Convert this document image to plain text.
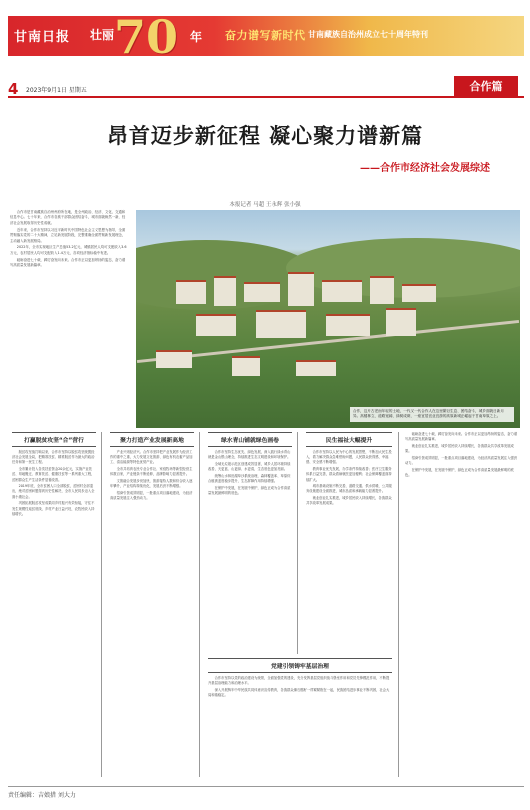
甘南日报 壮丽 70 年 奋力谱写新时代 甘南藏族自治州成立七十周年特刊
4 2023年9月1日 星期五	合作篇
昂首迈步新征程 凝心聚力谱新篇
——合作市经济社会发展综述
本报记者 马超 王永辉 张小强

合作市是甘南藏族自治州州府所在地，是全州政治、经济、文化、交通和信息中心。七十年来，合作市各族干部群众团结奋斗，城市面貌焕然一新，经济社会发展取得历史性成就。

近年来，合作市坚持以习近平新时代中国特色社会主义思想为指导，全面贯彻落实党的二十大精神，立足新发展阶段，完整准确全面贯彻新发展理念，主动融入新发展格局。

2022年，全市实现地区生产总值53.2亿元，城镇居民人均可支配收入3.6万元，农村居民人均可支配收入1.4万元，各项经济指标稳中有进。

砥砺奋进七十载，踔厉奋发向未来。合作市正以更加昂扬的姿态，奋力谱写高质量发展新篇章。

合作，这片古老而年轻的土地，一代又一代合作人在这里繁衍生息、团结奋斗，城乡面貌日新月异。高楼林立、道路宽阔、绿树成荫，一座宜居宜业宜游的高原新城正崛起于甘南草原之上。
打赢脱贫攻坚“合”营行

脱贫攻坚战打响以来，合作市坚持以脱贫攻坚统揽经济社会发展全局，把精准扶贫、精准脱贫作为最大的政治任务和第一民生工程。

全市累计投入各类扶贫资金20余亿元，实施产业扶贫、易地搬迁、教育扶贫、健康扶贫等一系列重大工程，贫困群众生产生活条件显著改善。

2019年底，全市贫困人口全部脱贫，贫困村全部退出，绝对贫困问题得到历史性解决，全市人民同步迈入全面小康社会。

巩固拓展脱贫攻坚成果同乡村振兴有效衔接，守住不发生规模性返贫底线，乡村产业日益兴旺，农牧民收入持续增长。

聚力打造产业发展新高地

产业兴则经济兴。合作市坚持把产业发展作为经济工作的重中之重，大力发展文化旅游、绿色有机农畜产品加工、清洁能源等特色优势产业。

全市共培育农民专业合作社、家庭牧场等新型经营主体数百家，产业链条不断延伸，品牌影响力显著提升。

文旅融合发展步伐加快，旅游接待人数和综合收入逐年攀升，产业结构持续优化，发展后劲不断增强。

招商引资成效明显，一批重点项目落地建设，为经济高质量发展注入强劲动力。

绿水青山铺就绿色画卷

合作市坚持生态优先、绿色发展，深入践行绿水青山就是金山银山理念，持续推进生态文明建设和环境保护。

全域无垃圾示范区创建成效显著，城乡人居环境持续改善，天更蓝、山更绿、水更清，生态底色更加亮丽。

统筹山水林田湖草沙系统治理，森林覆盖率、草原综合植被盖度稳步提升，生态屏障作用持续增强。

在保护中发展，在发展中保护，绿色正成为合作高质量发展最鲜明的底色。

民生福祉大幅提升

合作市坚持以人民为中心的发展思想，不断加大民生投入，着力解决群众急难愁盼问题，人民群众获得感、幸福感、安全感不断增强。

教育事业优先发展，办学条件持续改善；医疗卫生服务体系日益完善，群众看病就医更加便利；社会保障覆盖面持续扩大。

城市基础设施不断完善，道路交通、供水供暖、公共服务设施建设全面推进，城市品质和承载能力显著提升。

就业创业扎实推进，城乡居民收入持续增长，各族群众共享改革发展成果。

党建引领铸牢基层治理

合作市坚持以党的政治建设为统领，全面加强党的建设，充分发挥基层党组织战斗堡垒作用和党员先锋模范作用，不断提升基层治理能力和治理水平。

深入开展铸牢中华民族共同体意识宣传教育，各族群众像石榴籽一样紧紧抱在一起，民族团结进步事业不断巩固，社会大局和谐稳定。

砥砺奋进七十载，踔厉奋发向未来。合作市正以更加昂扬的姿态，奋力谱写高质量发展新篇章。

就业创业扎实推进，城乡居民收入持续增长，各族群众共享改革发展成果。

招商引资成效明显，一批重点项目落地建设，为经济高质量发展注入强劲动力。

在保护中发展，在发展中保护，绿色正成为合作高质量发展最鲜明的底色。

责任编辑：吉娘措 刘大力
